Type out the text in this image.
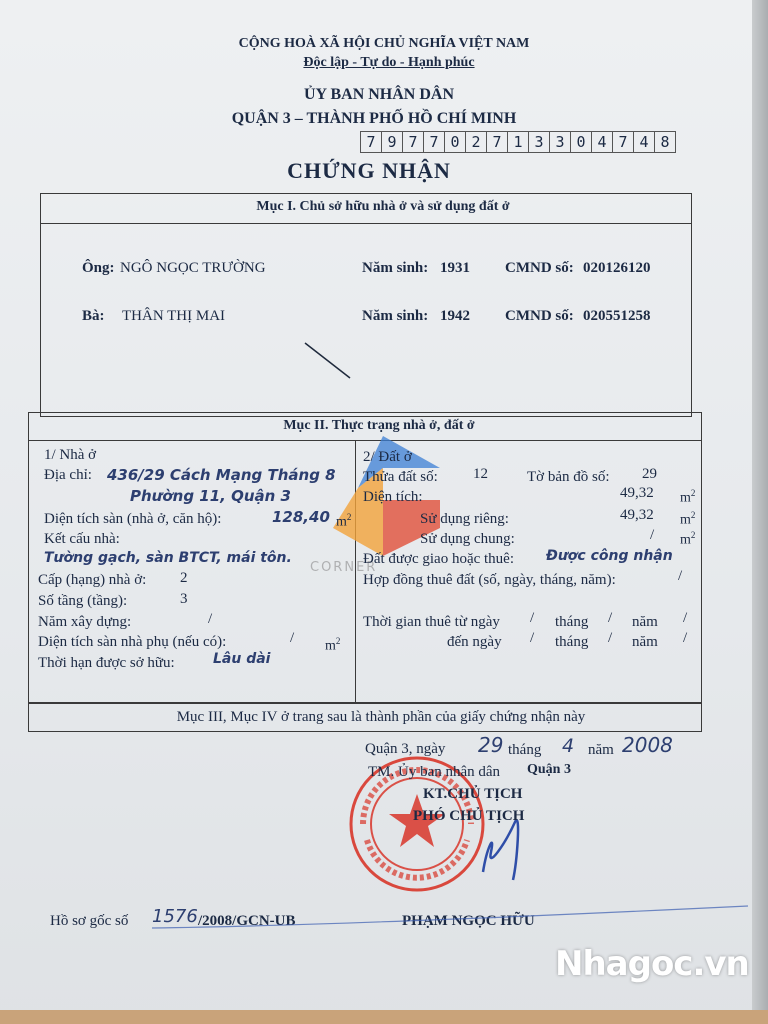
CỘNG HOÀ XÃ HỘI CHỦ NGHĨA VIỆT NAM
Độc lập - Tự do - Hạnh phúc
ỦY BAN NHÂN DÂN
QUẬN 3 – THÀNH PHỐ HỒ CHÍ MINH
7 9 7 7 0 2 7 1 3 3 0 4 7 4 8
CHỨNG NHẬN
Mục I. Chủ sở hữu nhà ở và sử dụng đất ở
Ông: NGÔ NGỌC TRƯỜNG	Năm sinh: 1931 CMND số: 020126120
Bà: THÂN THỊ MAI	Năm sinh: 1942 CMND số: 020551258
Mục II. Thực trạng nhà ở, đất ở
CORNER
1/ Nhà ở
Địa chỉ: 436/29 Cách Mạng Tháng 8
Phường 11, Quận 3
Diện tích sàn (nhà ở, căn hộ):	128,40 $m^2$
Kết cấu nhà:
Tường gạch, sàn BTCT, mái tôn.
Cấp (hạng) nhà ở: 2
Số tầng (tầng):	3
Năm xây dựng:	/
Diện tích sàn nhà phụ (nếu có):	/
$m^2$
Thời hạn được sở hữu:	Lâu dài
2/ Đất ở
Thửa đất số: 12	Tờ bản đồ số: 29
Diện tích:	49,32 $m^2$
Sử dụng riêng:	49,32 $m^2$
Sử dụng chung:	/ $m^2$
Đất được giao hoặc thuê: Được công nhận
Hợp đồng thuê đất (số, ngày, tháng, năm):	/
Thời gian thuê từ ngày / tháng / năm /
đến ngày / tháng / năm /
Mục III, Mục IV ở trang sau là thành phần của giấy chứng nhận này
Quận 3, ngày 29 tháng 4 năm 2008
TM. Ủy ban nhân dân Quận 3
KT.CHỦ TỊCH
PHÓ CHỦ TỊCH
PHẠM NGỌC HỮU
Hồ sơ gốc số 1576 /2008/GCN-UB
Nhagoc.vn
